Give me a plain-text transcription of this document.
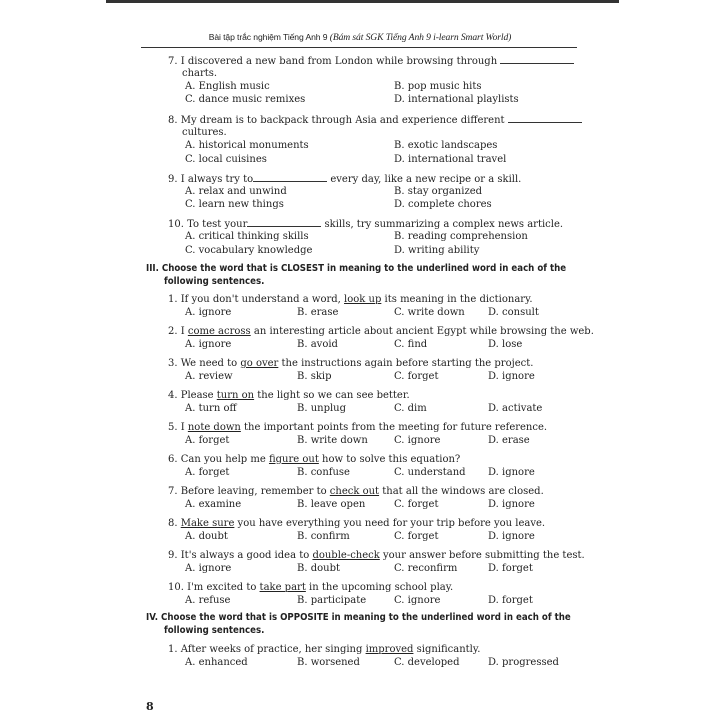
Bài tập trắc nghiệm Tiếng Anh 9 (Bám sát SGK Tiếng Anh 9 i-learn Smart World)
7. I discovered a new band from London while browsing through
charts.
A. English music	B. pop music hits
C. dance music remixes	D. international playlists
8. My dream is to backpack through Asia and experience different
cultures.
A. historical monuments	B. exotic landscapes
C. local cuisines	D. international travel
9. I always try to	every day, like a new recipe or a skill.
A. relax and unwind	B. stay organized
C. learn new things	D. complete chores
10. To test your	skills, try summarizing a complex news article.
A. critical thinking skills	B. reading comprehension
C. vocabulary knowledge	D. writing ability
III. Choose the word that is CLOSEST in meaning to the underlined word in each of the
following sentences.
1. If you don't understand a word, look up its meaning in the dictionary.
A. ignore	B. erase	C. write down D. consult
2. I come across an interesting article about ancient Egypt while browsing the web.
A. ignore	B. avoid	C. find	D. lose
3. We need to go over the instructions again before starting the project.
A. review	B. skip	C. forget	D. ignore
4. Please turn on the light so we can see better.
A. turn off	B. unplug	C. dim	D. activate
5. I note down the important points from the meeting for future reference.
A. forget	B. write down	C. ignore	D. erase
6. Can you help me figure out how to solve this equation?
A. forget	B. confuse	C. understand D. ignore
7. Before leaving, remember to check out that all the windows are closed.
A. examine	B. leave open	C. forget	D. ignore
8. Make sure you have everything you need for your trip before you leave.
A. doubt	B. confirm	C. forget	D. ignore
9. It's always a good idea to double-check your answer before submitting the test.
A. ignore	B. doubt	C. reconfirm	D. forget
10. I'm excited to take part in the upcoming school play.
A. refuse	B. participate	C. ignore	D. forget
IV. Choose the word that is OPPOSITE in meaning to the underlined word in each of the
following sentences.
1. After weeks of practice, her singing improved significantly.
A. enhanced	B. worsened	C. developed	D. progressed
8
